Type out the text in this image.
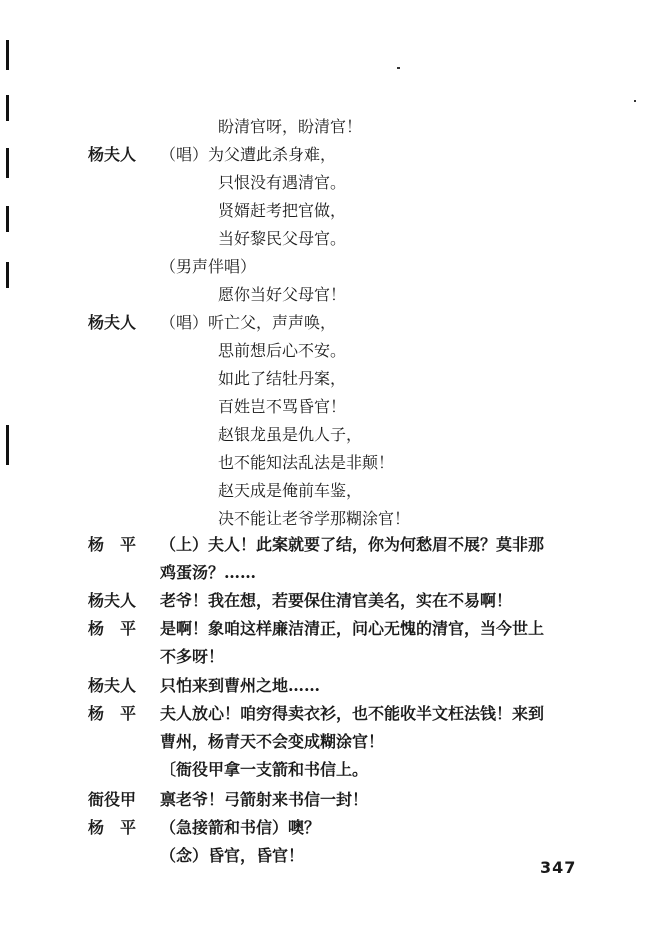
盼清官呀，盼清官！
杨夫人 （唱）为父遭此杀身难，
只恨没有遇清官。
贤婿赶考把官做，
当好黎民父母官。
（男声伴唱）
愿你当好父母官！
杨夫人 （唱）听亡父，声声唤，
思前想后心不安。
如此了结牡丹案，
百姓岂不骂昏官！
赵银龙虽是仇人子，
也不能知法乱法是非颠！
赵天成是俺前车鉴，
决不能让老爷学那糊涂官！
杨　平 （上）夫人！此案就要了结，你为何愁眉不展？莫非那
鸡蛋汤？……
杨夫人 老爷！我在想，若要保住清官美名，实在不易啊！
杨　平 是啊！象咱这样廉洁清正，问心无愧的清官，当今世上
不多呀！
杨夫人 只怕来到曹州之地……
杨　平 夫人放心！咱穷得卖衣衫，也不能收半文枉法钱！来到
曹州，杨青天不会变成糊涂官！
〔衙役甲拿一支箭和书信上。
衙役甲 禀老爷！弓箭射来书信一封！
杨　平 （急接箭和书信）噢？
（念）昏官，昏官！
347
